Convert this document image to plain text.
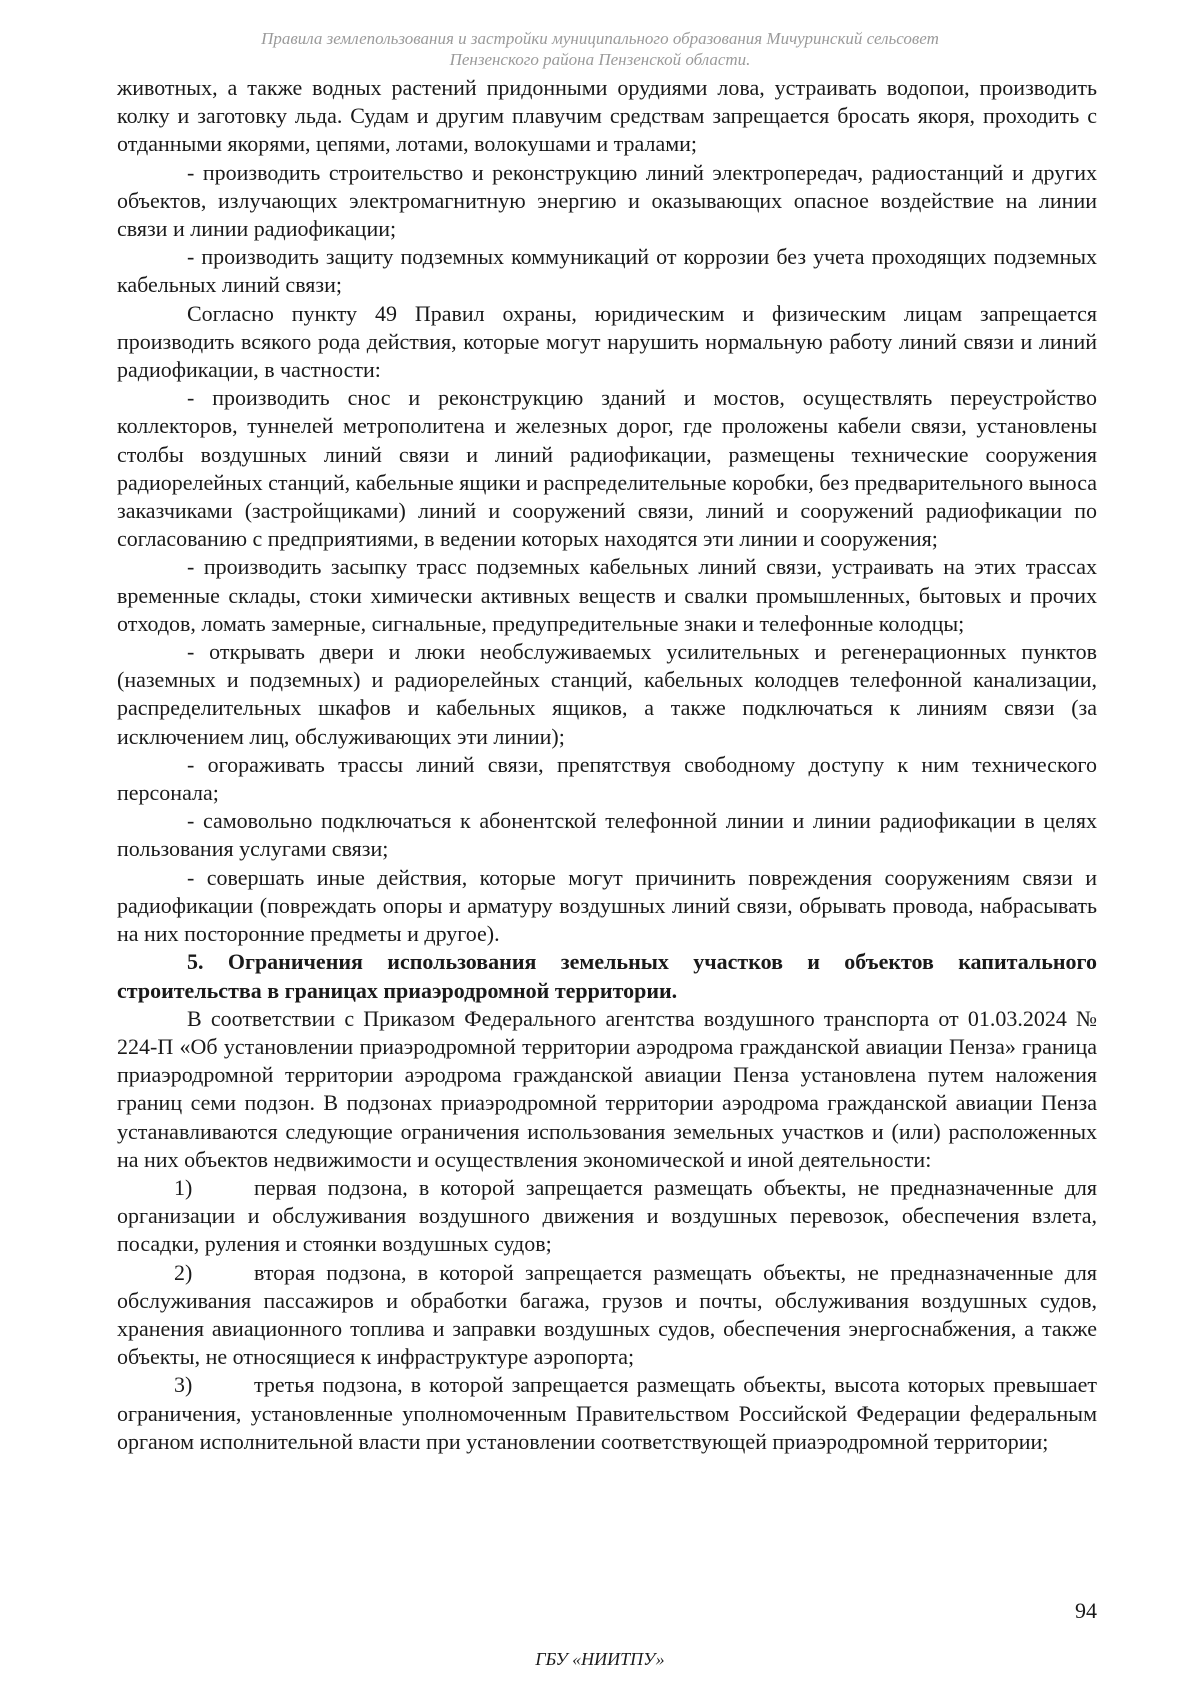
Правила землепользования и застройки муниципального образования Мичуринский сельсовет
Пензенского района Пензенской области.

животных, а также водных растений придонными орудиями лова, устраивать водопои, производить колку и заготовку льда. Судам и другим плавучим средствам запрещается бросать якоря, проходить с отданными якорями, цепями, лотами, волокушами и тралами;

- производить строительство и реконструкцию линий электропередач, радиостанций и других объектов, излучающих электромагнитную энергию и оказывающих опасное воздействие на линии связи и линии радиофикации;

- производить защиту подземных коммуникаций от коррозии без учета проходящих подземных кабельных линий связи;

Согласно пункту 49 Правил охраны, юридическим и физическим лицам запрещается производить всякого рода действия, которые могут нарушить нормальную работу линий связи и линий радиофикации, в частности:

- производить снос и реконструкцию зданий и мостов, осуществлять переустройство коллекторов, туннелей метрополитена и железных дорог, где проложены кабели связи, установлены столбы воздушных линий связи и линий радиофикации, размещены технические сооружения радиорелейных станций, кабельные ящики и распределительные коробки, без предварительного выноса заказчиками (застройщиками) линий и сооружений связи, линий и сооружений радиофикации по согласованию с предприятиями, в ведении которых находятся эти линии и сооружения;

- производить засыпку трасс подземных кабельных линий связи, устраивать на этих трассах временные склады, стоки химически активных веществ и свалки промышленных, бытовых и прочих отходов, ломать замерные, сигнальные, предупредительные знаки и телефонные колодцы;

- открывать двери и люки необслуживаемых усилительных и регенерационных пунктов (наземных и подземных) и радиорелейных станций, кабельных колодцев телефонной канализации, распределительных шкафов и кабельных ящиков, а также подключаться к линиям связи (за исключением лиц, обслуживающих эти линии);

- огораживать трассы линий связи, препятствуя свободному доступу к ним технического персонала;

- самовольно подключаться к абонентской телефонной линии и линии радиофикации в целях пользования услугами связи;

- совершать иные действия, которые могут причинить повреждения сооружениям связи и радиофикации (повреждать опоры и арматуру воздушных линий связи, обрывать провода, набрасывать на них посторонние предметы и другое).

5. Ограничения использования земельных участков и объектов капитального строительства в границах приаэродромной территории.

В соответствии с Приказом Федерального агентства воздушного транспорта от 01.03.2024 № 224-П «Об установлении приаэродромной территории аэродрома гражданской авиации Пенза» граница приаэродромной территории аэродрома гражданской авиации Пенза установлена путем наложения границ семи подзон. В подзонах приаэродромной территории аэродрома гражданской авиации Пенза устанавливаются следующие ограничения использования земельных участков и (или) расположенных на них объектов недвижимости и осуществления экономической и иной деятельности:

1)	первая подзона, в которой запрещается размещать объекты, не предназначенные для организации и обслуживания воздушного движения и воздушных перевозок, обеспечения взлета, посадки, руления и стоянки воздушных судов;

2)	вторая подзона, в которой запрещается размещать объекты, не предназначенные для обслуживания пассажиров и обработки багажа, грузов и почты, обслуживания воздушных судов, хранения авиационного топлива и заправки воздушных судов, обеспечения энергоснабжения, а также объекты, не относящиеся к инфраструктуре аэропорта;

3)	третья подзона, в которой запрещается размещать объекты, высота которых превышает ограничения, установленные уполномоченным Правительством Российской Федерации федеральным органом исполнительной власти при установлении соответствующей приаэродромной территории;

94
ГБУ «НИИТПУ»
